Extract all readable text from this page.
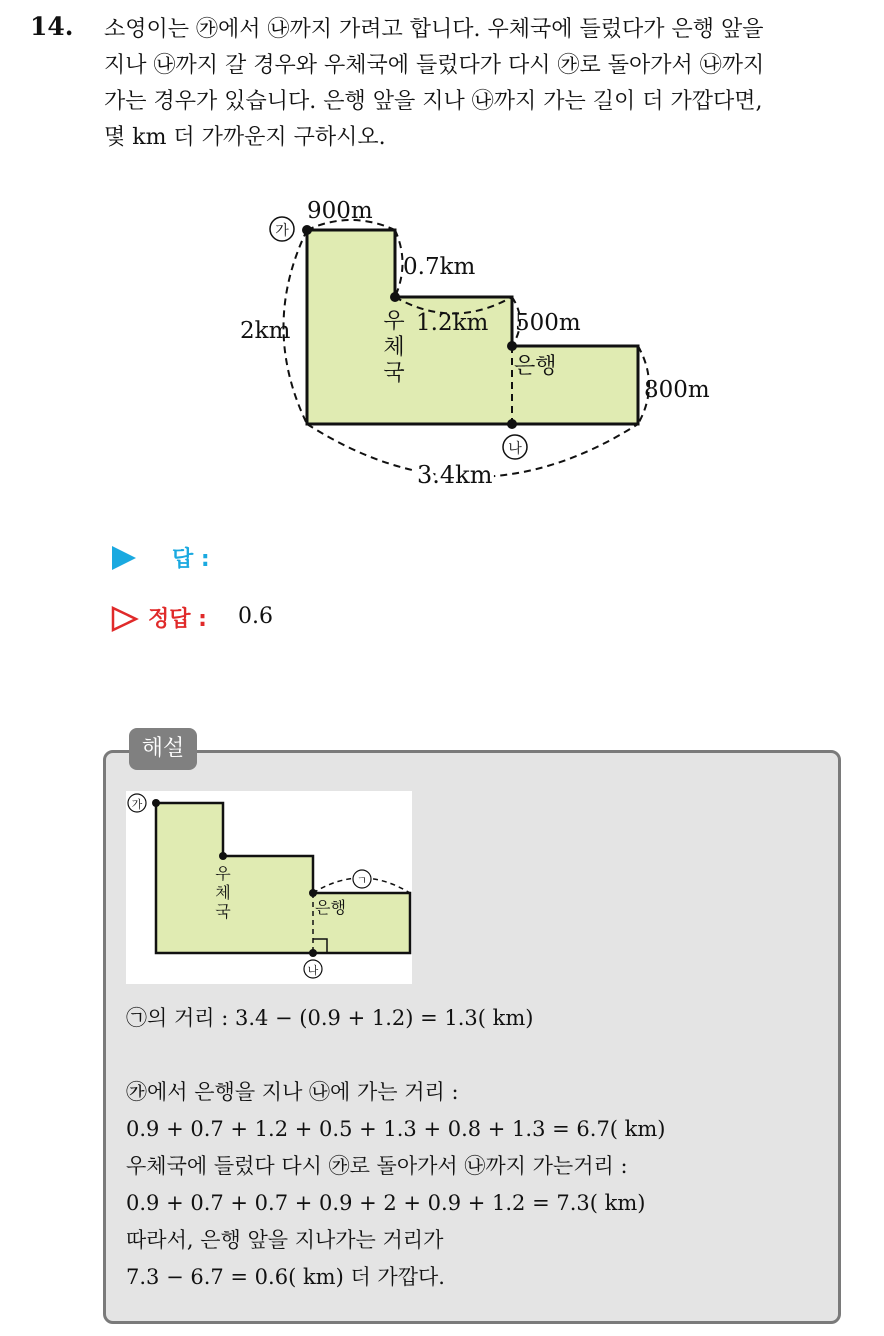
14. 소영이는 ㉮에서 ㉯까지 가려고 합니다. 우체국에 들렀다가 은행 앞을

지나 ㉯까지 갈 경우와 우체국에 들렀다가 다시 ㉮로 돌아가서 ㉯까지

가는 경우가 있습니다. 은행 앞을 지나 ㉯까지 가는 길이 더 가깝다면,

몇 km 더 가까운지 구하시오.

가
나
900m
0.7km
2km	1.2km 500m
800m
3.4km
우
체
국	은행
답 :
정답 : 0.6
해설
ㄱ
가
나
우
체
국	은행
㉠의 거리 : 3.4 − (0.9 + 1.2) = 1.3( km)
㉮에서 은행을 지나 ㉯에 가는 거리 :
0.9 + 0.7 + 1.2 + 0.5 + 1.3 + 0.8 + 1.3 = 6.7( km)
우체국에 들렀다 다시 ㉮로 돌아가서 ㉯까지 가는거리 :
0.9 + 0.7 + 0.7 + 0.9 + 2 + 0.9 + 1.2 = 7.3( km)
따라서, 은행 앞을 지나가는 거리가
7.3 − 6.7 = 0.6( km) 더 가깝다.
